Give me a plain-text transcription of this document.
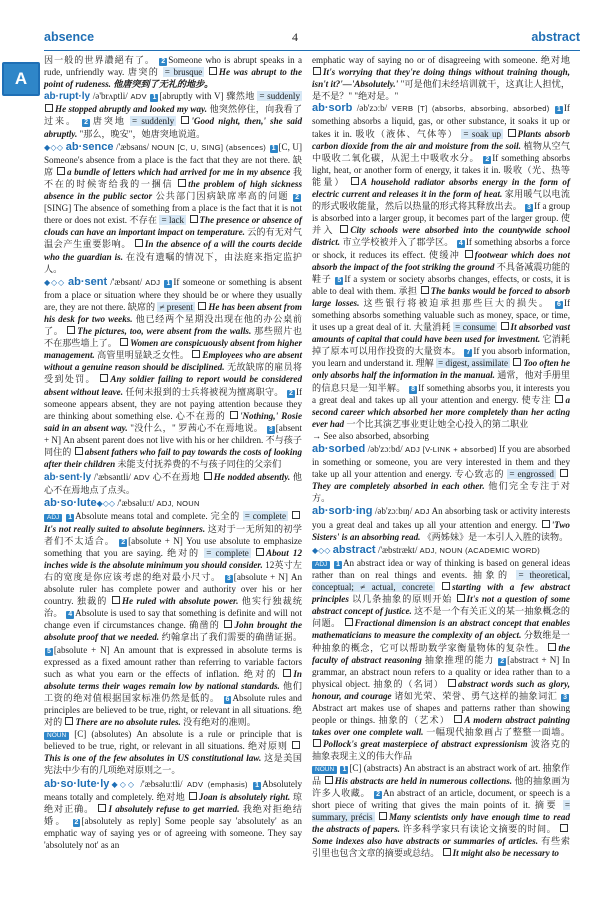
absence	4	abstract
A

因一般的世界讚絕有了。 2 Someone who is abrupt speaks in a rude, unfriendly way. 唐突的 = brusque He was abrupt to the point of rudeness. 他唐突到了无礼的地步。

ab·rupt·ly /ə'brʌptli/ ADV 1 [abruptly with V] 骤然地 = suddenly He stopped abruptly and looked my way. 他突然停住，向我看了过来。 2 唐突地 = suddenly 'Good night, then,' she said abruptly. "那么，晚安"，她唐突地说道。
◆◇◇ ab·sence /'æbsəns/ NOUN [C, U, SING] (absences) 1 [C, U] Someone's absence from a place is the fact that they are not there. 缺席 a bundle of letters which had arrived for me in my absence 我不在的时候寄给我的一捆信 the problem of high sickness absence in the public sector 公共部门因病缺席率高的问题 2[SING] The absence of something from a place is the fact that it is not there or does not exist. 不存在 = lack The presence or absence of clouds can have an important impact on temperature. 云的有无对气温会产生重要影响。 In the absence of a will the courts decide who the guardian is. 在没有遗嘱的情况下，由法庭来指定监护人。
◆◇◇ ab·sent /'æbsənt/ ADJ 1 If someone or something is absent from a place or situation where they should be or where they usually are, they are not there. 缺席的 ≠ present He has been absent from his desk for two weeks. 他已经两个星期没出现在他的办公桌前了。 The pictures, too, were absent from the walls. 那些照片也不在那些墙上了。 Women are conspicuously absent from higher management. 高管里明显缺乏女性。 Employees who are absent without a genuine reason should be disciplined. 无故缺席的雇员将受到处罚。 Any soldier failing to report would be considered absent without leave. 任何未报到的士兵将被视为擅离职守。 2 If someone appears absent, they are not paying attention because they are thinking about something else. 心不在焉的 'Nothing,' Rosie said in an absent way. "没什么，" 罗茜心不在焉地说。 3 [absent + N] An absent parent does not live with his or her children. 不与孩子同住的 absent fathers who fail to pay towards the costs of looking after their children 未能支付抚养费的不与孩子同住的父亲们
ab·sent·ly /'æbsəntli/ ADV 心不在焉地 He nodded absently. 他心不在焉地点了点头。
ab·so·lute◆◇◇ /'æbsəluːt/ ADJ, NOUN
ADJ 1 Absolute means total and complete. 完全的 = complete It's not really suited to absolute beginners. 这对于一无所知的初学者们不太适合。 2 [absolute + N] You use absolute to emphasize something that you are saying. 绝对的 = complete About 12 inches wide is the absolute minimum you should consider. 12英寸左右的宽度是你应该考虑的绝对最小尺寸。 3 [absolute + N] An absolute ruler has complete power and authority over his or her country. 独裁的 He ruled with absolute power. 他实行独裁统治。 4 Absolute is used to say that something is definite and will not change even if circumstances change. 确凿的 John brought the absolute proof that we needed. 约翰拿出了我们需要的确凿证据。 5 [absolute + N] An amount that is expressed in absolute terms is expressed as a fixed amount rather than referring to variable factors such as what you earn or the effects of inflation. 绝对的 In absolute terms their wages remain low by national standards. 他们工资的绝对值根据国家标准仍然是低的。 6 Absolute rules and principles are believed to be true, right, or relevant in all situations. 绝对的 There are no absolute rules. 没有绝对的准则。
NOUN [C] (absolutes) An absolute is a rule or principle that is believed to be true, right, or relevant in all situations. 绝对原则 This is one of the few absolutes in US constitutional law. 这是美国宪法中少有的几项绝对原则之一。
ab·so·lute·ly◆◇◇ /'æbsəluːtli/ ADV (emphasis) 1 Absolutely means totally and completely. 绝对地 Joan is absolutely right. 琼绝对正确。 I absolutely refuse to get married. 我绝对拒绝结婚。 2 [absolutely as reply] Some people say 'absolutely' as an emphatic way of saying yes or of agreeing with someone. They say 'absolutely not' as an

emphatic way of saying no or of disagreeing with someone. 绝对地 It's worrying that they're doing things without training though, isn't it?'—'Absolutely.' "可是他们未经培训就干，这真让人担忧，是不是？" "绝对是。"

ab·sorb /əb'zɔːb/ VERB [T] (absorbs, absorbing, absorbed) 1 If something absorbs a liquid, gas, or other substance, it soaks it up or takes it in. 吸收（液体、气体等） = soak up Plants absorb carbon dioxide from the air and moisture from the soil. 植物从空气中吸收二氧化碳，从泥土中吸收水分。 2 If something absorbs light, heat, or another form of energy, it takes it in. 吸收（光、热等能量） A household radiator absorbs energy in the form of electric current and releases it in the form of heat. 家用暖气以电流的形式吸收能量，然后以热量的形式将其释放出去。 3 If a group is absorbed into a larger group, it becomes part of the larger group. 使并入 City schools were absorbed into the countywide school district. 市立学校被并入了郡学区。 4 If something absorbs a force or shock, it reduces its effect. 使缓冲 footwear which does not absorb the impact of the foot striking the ground 不具备减震功能的鞋子 5 If a system or society absorbs changes, effects, or costs, it is able to deal with them. 承担 The banks would be forced to absorb large losses. 这些银行将被迫承担那些巨大的损失。 6 If something absorbs something valuable such as money, space, or time, it uses up a great deal of it. 大量消耗 = consume It absorbed vast amounts of capital that could have been used for investment. 它消耗掉了原本可以用作投资的大量资本。 7 If you absorb information, you learn and understand it. 理解 = digest, assimilate Too often he only absorbs half the information in the manual. 通常，他对手册里的信息只是一知半解。 8 If something absorbs you, it interests you a great deal and takes up all your attention and energy. 使专注 a second career which absorbed her more completely than her acting ever had 一个比其演艺事业更让她全心投入的第二职业
→ See also absorbed, absorbing
ab·sorbed /əb'zɔːbd/ ADJ [V-LINK + absorbed] If you are absorbed in something or someone, you are very interested in them and they take up all your attention and energy. 专心致志的 = engrossed They are completely absorbed in each other. 他们完全专注于对方。
ab·sorb·ing /əb'zɔːbɪŋ/ ADJ An absorbing task or activity interests you a great deal and takes up all your attention and energy. 'Two Sisters' is an absorbing read. 《两姊妹》是一本引人入胜的读物。
◆◇◇ abstract /'æbstrækt/ ADJ, NOUN (ACADEMIC WORD)
ADJ 1 An abstract idea or way of thinking is based on general ideas rather than on real things and events. 抽象的 = theoretical, conceptual; ≠ actual, concrete starting with a few abstract principles 以几条抽象的原则开始 It's not a question of some abstract concept of justice. 这不是一个有关正义的某一抽象概念的问题。 Fractional dimension is an abstract concept that enables mathematicians to measure the complexity of an object. 分数维是一种抽象的概念，它可以帮助数学家衡量物体的复杂性。 the faculty of abstract reasoning 抽象推理的能力 2 [abstract + N] In grammar, an abstract noun refers to a quality or idea rather than to a physical object. 抽象的（名词） abstract words such as glory, honour, and courage 诸如光荣、荣誉、勇气这样的抽象词汇 3Abstract art makes use of shapes and patterns rather than showing people or things. 抽象的（艺术） A modern abstract painting takes over one complete wall. 一幅现代抽象画占了整整一面墙。 Pollock's great masterpiece of abstract expressionism 波洛克的抽象表现主义的伟大作品
NOUN 1 [C] (abstracts) An abstract is an abstract work of art. 抽象作品 His abstracts are held in numerous collections. 他的抽象画为许多人收藏。 2 An abstract of an article, document, or speech is a short piece of writing that gives the main points of it. 摘要 = summary, précis Many scientists only have enough time to read the abstracts of papers. 许多科学家只有读论文摘要的时间。 Some indexes also have abstracts or summaries of articles. 有些索引里也包含文章的摘要或总结。 It might also be necessary to
